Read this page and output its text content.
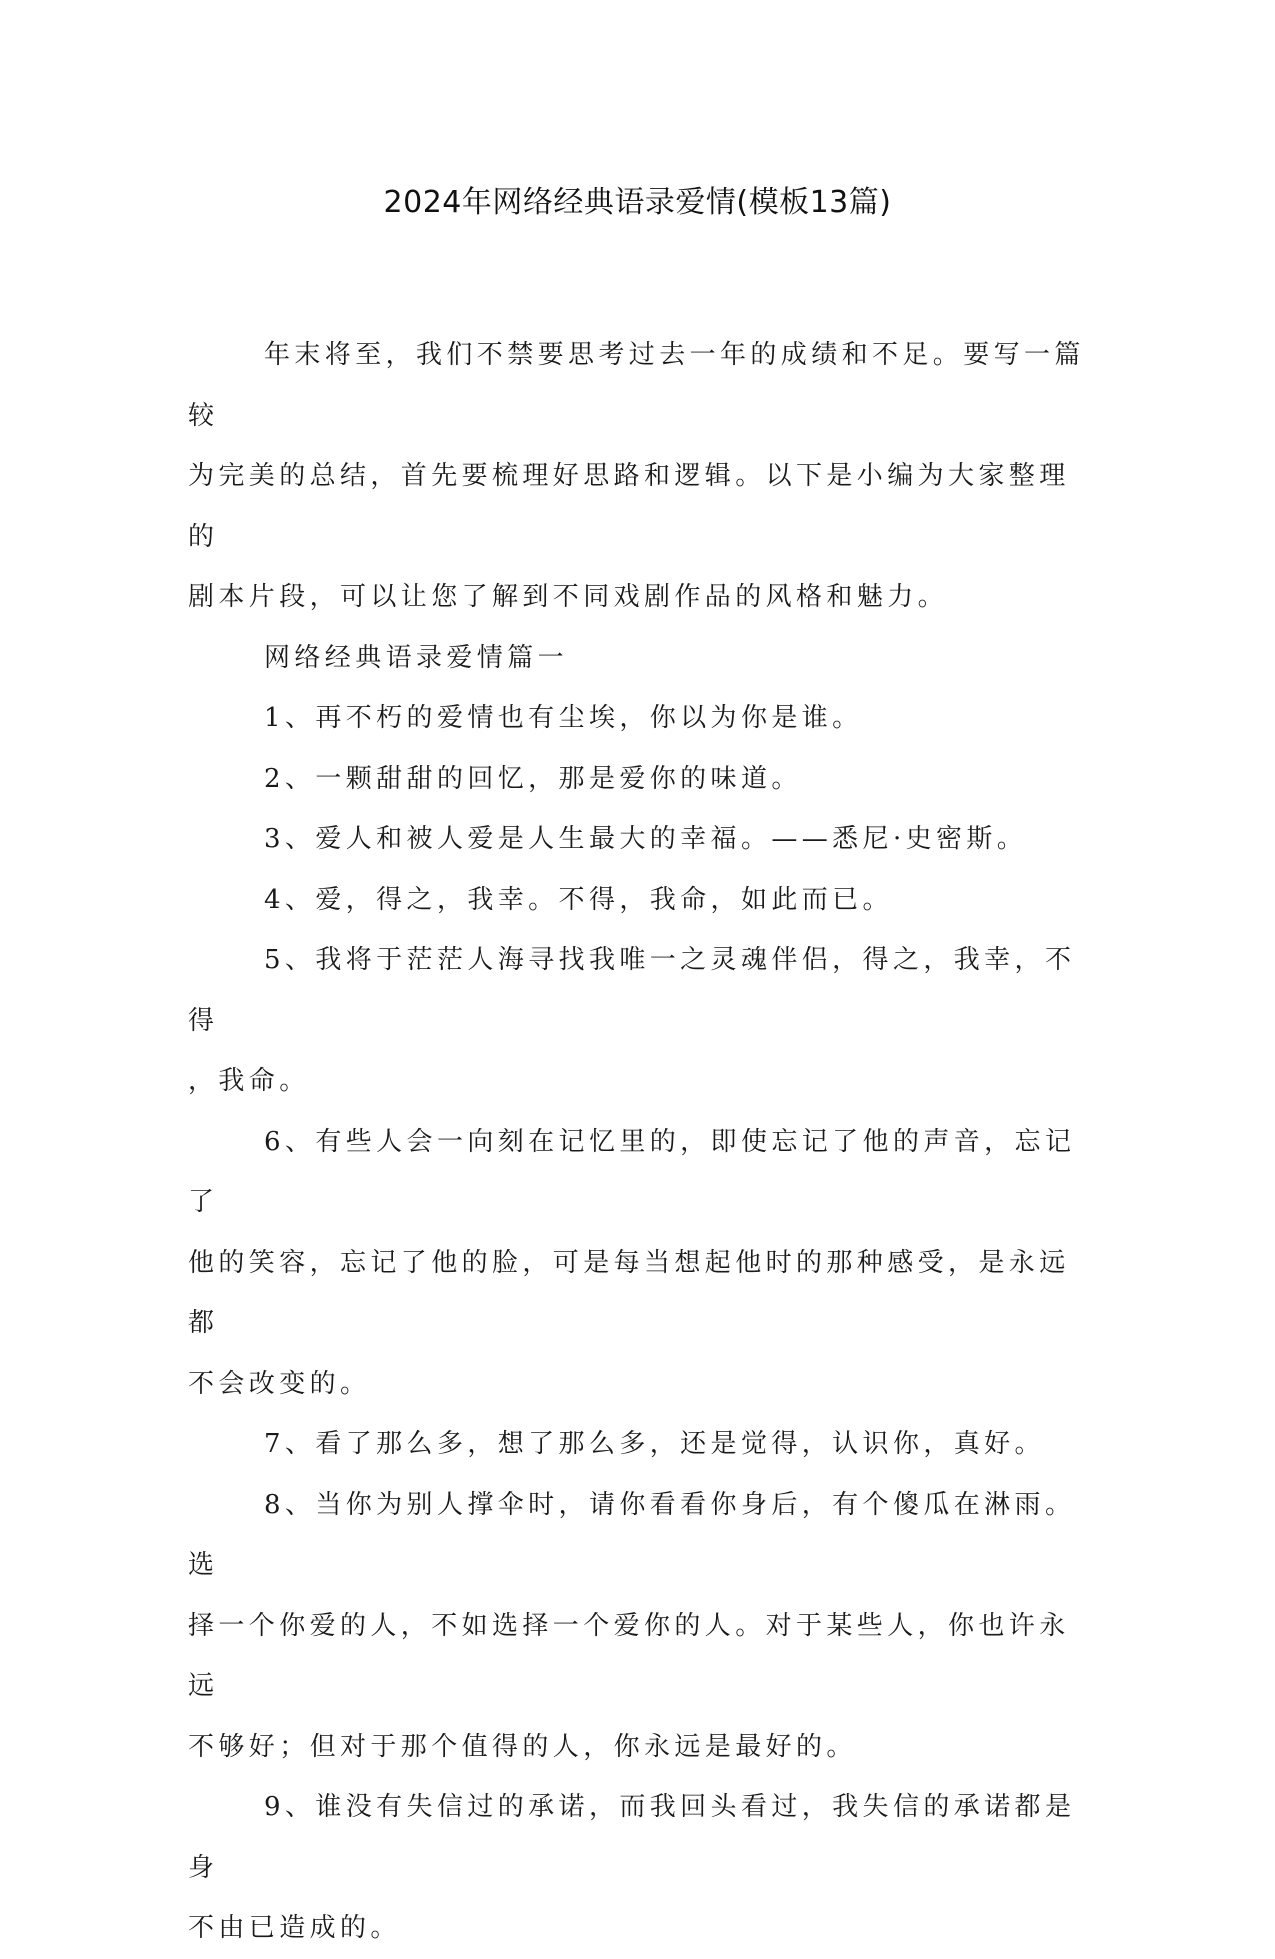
2024年网络经典语录爱情(模板13篇)

年末将至，我们不禁要思考过去一年的成绩和不足。要写一篇较

为完美的总结，首先要梳理好思路和逻辑。以下是小编为大家整理的

剧本片段，可以让您了解到不同戏剧作品的风格和魅力。

网络经典语录爱情篇一

1、再不朽的爱情也有尘埃，你以为你是谁。

2、一颗甜甜的回忆，那是爱你的味道。

3、爱人和被人爱是人生最大的幸福。——悉尼·史密斯。

4、爱，得之，我幸。不得，我命，如此而已。

5、我将于茫茫人海寻找我唯一之灵魂伴侣，得之，我幸，不得

，我命。

6、有些人会一向刻在记忆里的，即使忘记了他的声音，忘记了

他的笑容，忘记了他的脸，可是每当想起他时的那种感受，是永远都

不会改变的。

7、看了那么多，想了那么多，还是觉得，认识你，真好。

8、当你为别人撑伞时，请你看看你身后，有个傻瓜在淋雨。选

择一个你爱的人，不如选择一个爱你的人。对于某些人，你也许永远

不够好；但对于那个值得的人，你永远是最好的。

9、谁没有失信过的承诺，而我回头看过，我失信的承诺都是身

不由已造成的。
